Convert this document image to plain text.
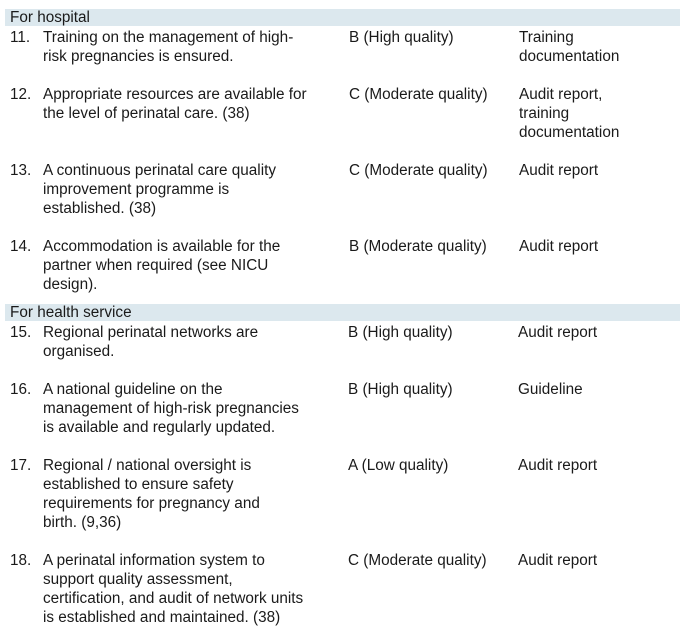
For hospital
11. Training on the management of high-
risk pregnancies is ensured.
B (High quality)	Training
documentation
12. Appropriate resources are available for
the level of perinatal care. (38)
C (Moderate quality) Audit report,
training
documentation
13. A continuous perinatal care quality
improvement programme is
established. (38)
C (Moderate quality) Audit report
14. Accommodation is available for the
partner when required (see NICU
design).
B (Moderate quality) Audit report
For health service
15. Regional perinatal networks are
organised.
B (High quality)	Audit report
16. A national guideline on the
management of high-risk pregnancies
is available and regularly updated.
B (High quality)	Guideline
17. Regional / national oversight is
established to ensure safety
requirements for pregnancy and
birth. (9,36)
A (Low quality)	Audit report
18. A perinatal information system to
support quality assessment,
certification, and audit of network units
is established and maintained. (38)
C (Moderate quality) Audit report
